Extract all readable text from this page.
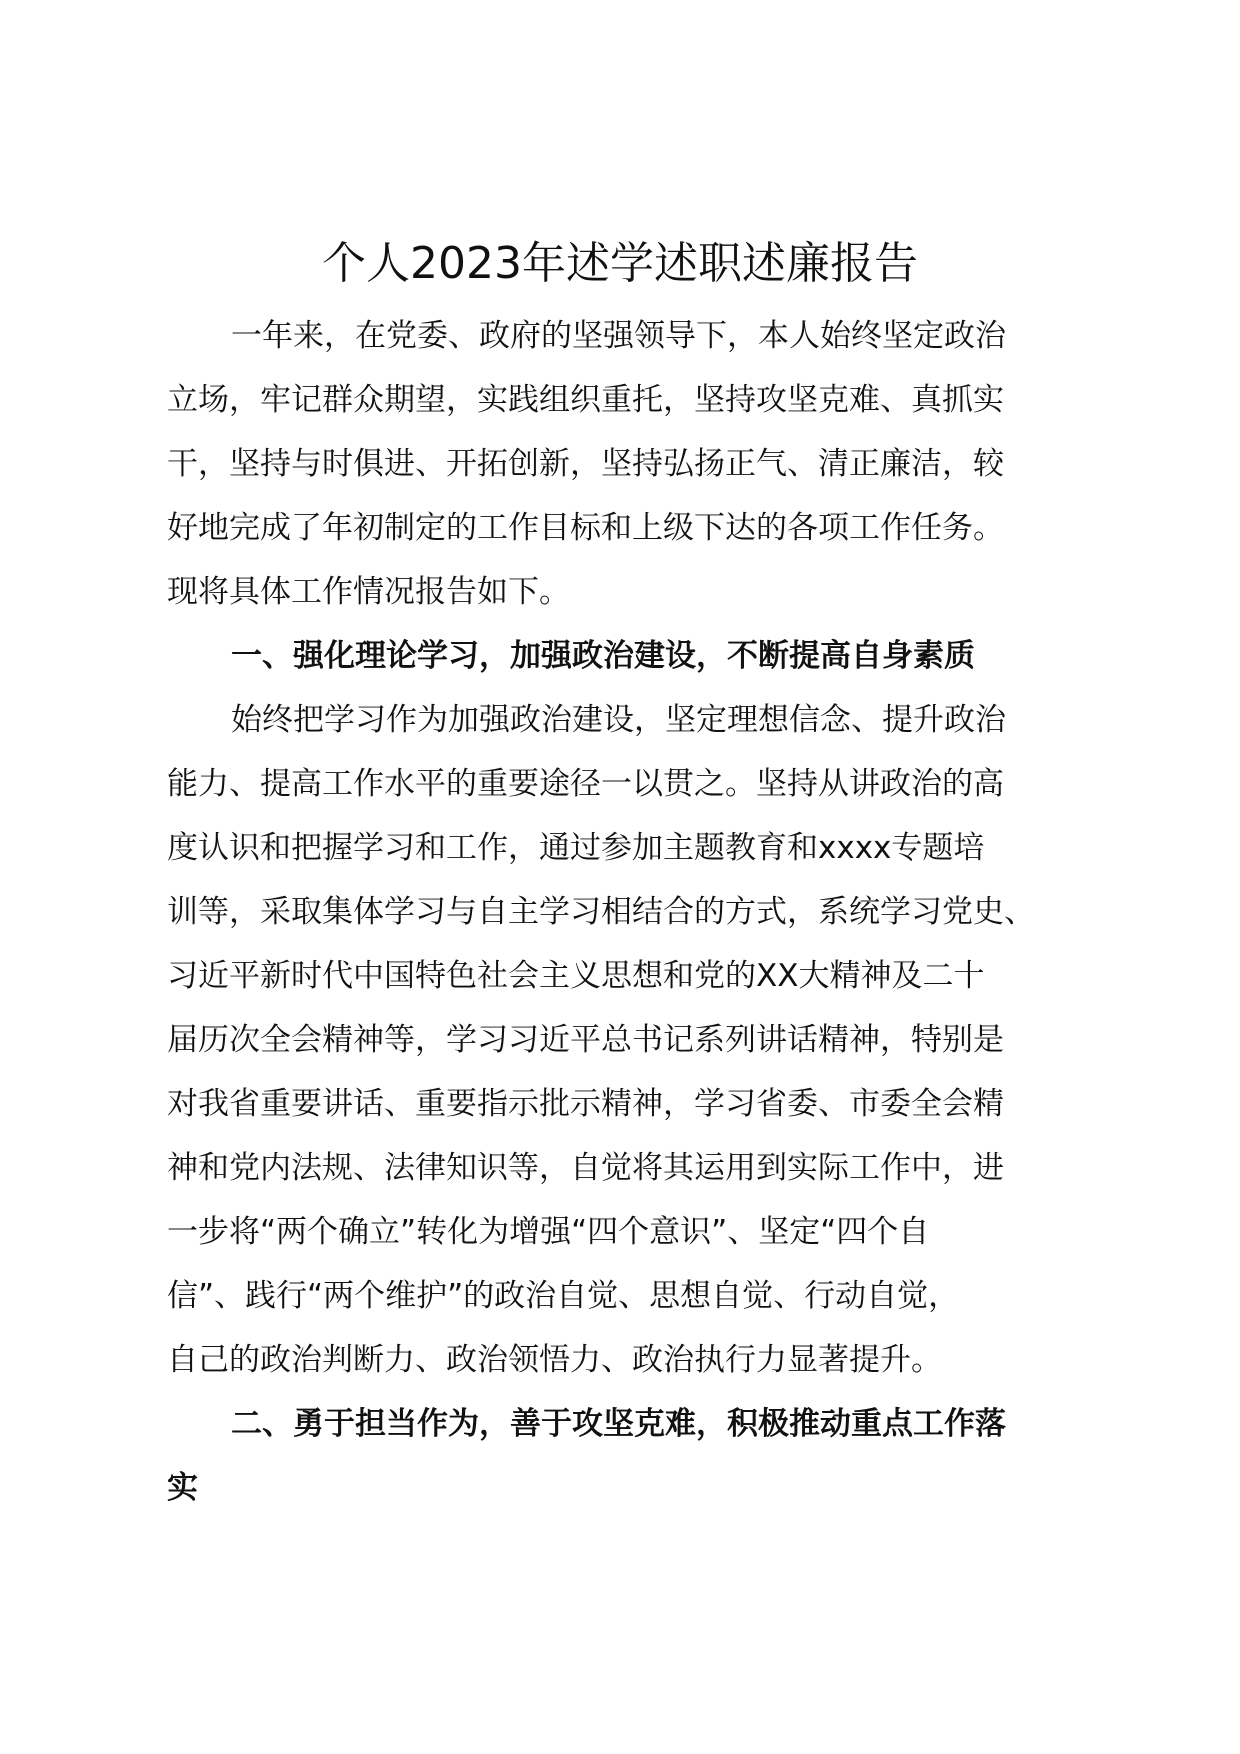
个人2023年述学述职述廉报告

一年来，在党委、政府的坚强领导下，本人始终坚定政治

立场，牢记群众期望，实践组织重托，坚持攻坚克难、真抓实

干，坚持与时俱进、开拓创新，坚持弘扬正气、清正廉洁，较

好地完成了年初制定的工作目标和上级下达的各项工作任务。

现将具体工作情况报告如下。

一、强化理论学习，加强政治建设，不断提高自身素质

始终把学习作为加强政治建设，坚定理想信念、提升政治

能力、提高工作水平的重要途径一以贯之。坚持从讲政治的高

度认识和把握学习和工作，通过参加主题教育和xxxx专题培

训等，采取集体学习与自主学习相结合的方式，系统学习党史、

习近平新时代中国特色社会主义思想和党的XX大精神及二十

届历次全会精神等，学习习近平总书记系列讲话精神，特别是

对我省重要讲话、重要指示批示精神，学习省委、市委全会精

神和党内法规、法律知识等，自觉将其运用到实际工作中，进

一步将“两个确立”转化为增强“四个意识”、坚定“四个自

信”、践行“两个维护”的政治自觉、思想自觉、行动自觉，

自己的政治判断力、政治领悟力、政治执行力显著提升。

二、勇于担当作为，善于攻坚克难，积极推动重点工作落

实
